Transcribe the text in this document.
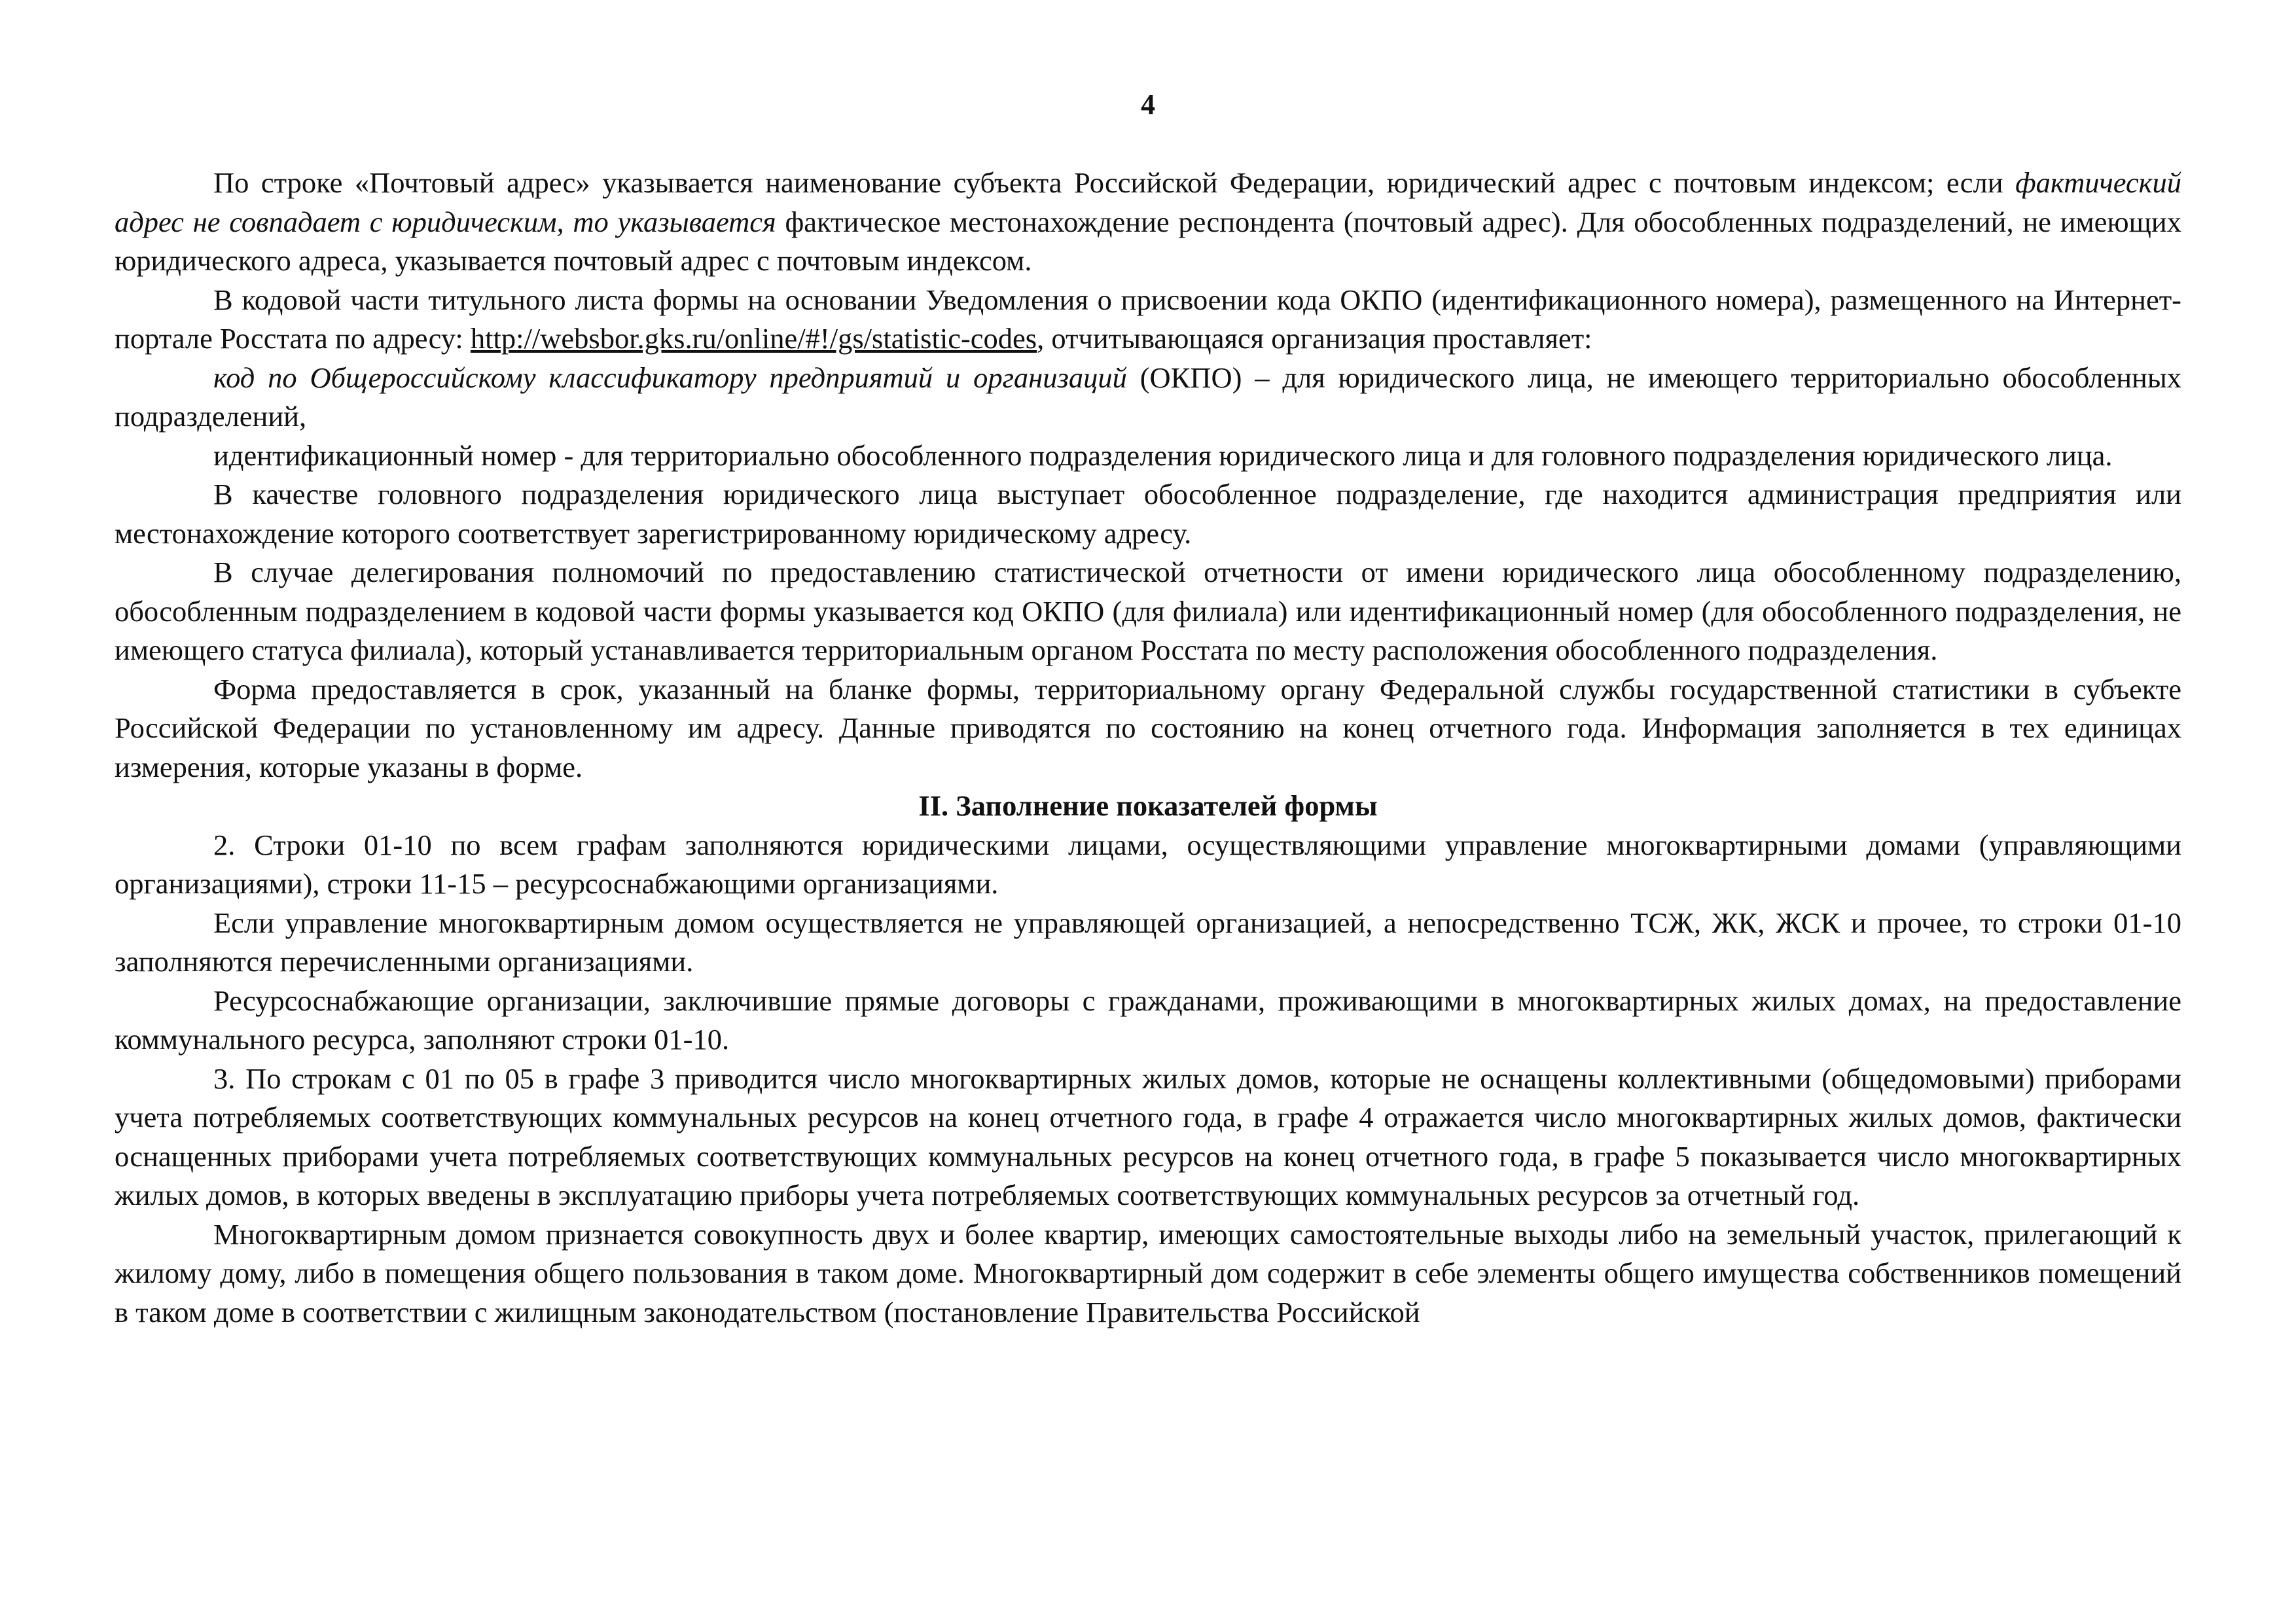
4

По строке «Почтовый адрес» указывается наименование субъекта Российской Федерации, юридический адрес с почтовым индексом; если фактический адрес не совпадает с юридическим, то указывается фактическое местонахождение респондента (почтовый адрес). Для обособленных подразделений, не имеющих юридического адреса, указывается почтовый адрес с почтовым индексом.

В кодовой части титульного листа формы на основании Уведомления о присвоении кода ОКПО (идентификационного номера), размещенного на Интернет-портале Росстата по адресу: http://websbor.gks.ru/online/#!/gs/statistic-codes, отчитывающаяся организация проставляет:

код по Общероссийскому классификатору предприятий и организаций (ОКПО) – для юридического лица, не имеющего территориально обособленных подразделений,

идентификационный номер - для территориально обособленного подразделения юридического лица и для головного подразделения юридического лица.

В качестве головного подразделения юридического лица выступает обособленное подразделение, где находится администрация предприятия или местонахождение которого соответствует зарегистрированному юридическому адресу.

В случае делегирования полномочий по предоставлению статистической отчетности от имени юридического лица обособленному подразделению, обособленным подразделением в кодовой части формы указывается код ОКПО (для филиала) или идентификационный номер (для обособленного подразделения, не имеющего статуса филиала), который устанавливается территориальным органом Росстата по месту расположения обособленного подразделения.

Форма предоставляется в срок, указанный на бланке формы, территориальному органу Федеральной службы государственной статистики в субъекте Российской Федерации по установленному им адресу. Данные приводятся по состоянию на конец отчетного года. Информация заполняется в тех единицах измерения, которые указаны в форме.

II. Заполнение показателей формы

2. Строки 01-10 по всем графам заполняются юридическими лицами, осуществляющими управление многоквартирными домами (управляющими организациями), строки 11-15 – ресурсоснабжающими организациями.

Если управление многоквартирным домом осуществляется не управляющей организацией, а непосредственно ТСЖ, ЖК, ЖСК и прочее, то строки 01-10 заполняются перечисленными организациями.

Ресурсоснабжающие организации, заключившие прямые договоры с гражданами, проживающими в многоквартирных жилых домах, на предоставление коммунального ресурса, заполняют строки 01-10.

3. По строкам с 01 по 05 в графе 3 приводится число многоквартирных жилых домов, которые не оснащены коллективными (общедомовыми) приборами учета потребляемых соответствующих коммунальных ресурсов на конец отчетного года, в графе 4 отражается число многоквартирных жилых домов, фактически оснащенных приборами учета потребляемых соответствующих коммунальных ресурсов на конец отчетного года, в графе 5 показывается число многоквартирных жилых домов, в которых введены в эксплуатацию приборы учета потребляемых соответствующих коммунальных ресурсов за отчетный год.

Многоквартирным домом признается совокупность двух и более квартир, имеющих самостоятельные выходы либо на земельный участок, прилегающий к жилому дому, либо в помещения общего пользования в таком доме. Многоквартирный дом содержит в себе элементы общего имущества собственников помещений в таком доме в соответствии с жилищным законодательством (постановление Правительства Российской
